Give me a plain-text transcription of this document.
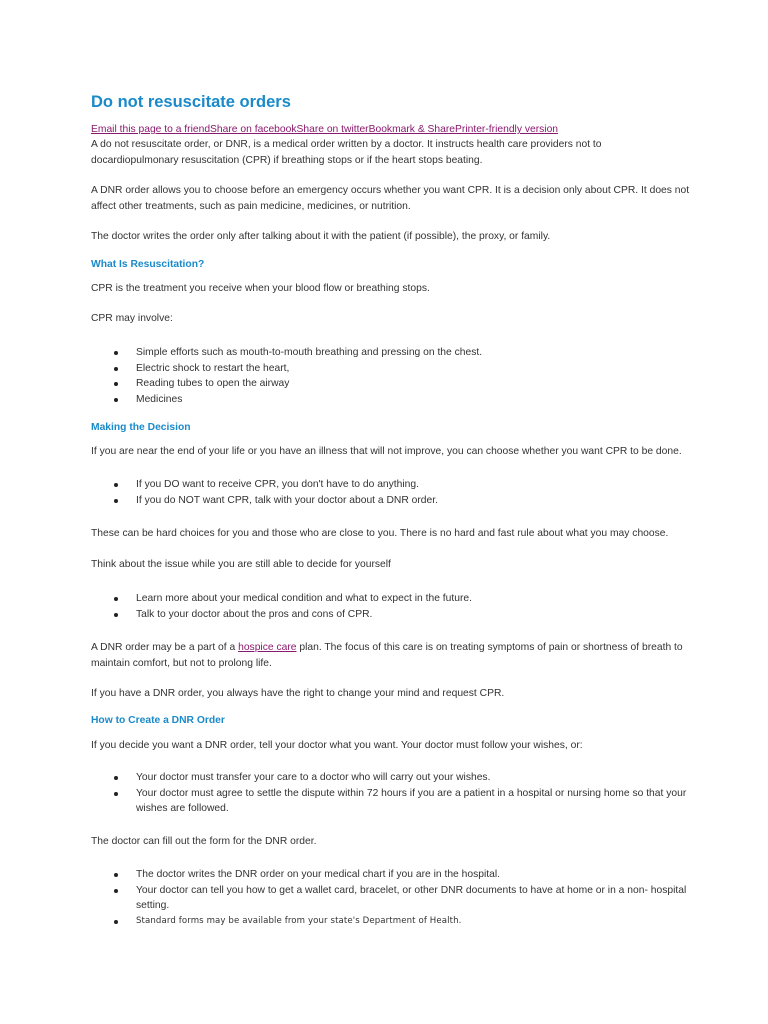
Do not resuscitate orders
Email this page to a friendShare on facebookShare on twitterBookmark & SharePrinter-friendly version

A do not resuscitate order, or DNR, is a medical order written by a doctor. It instructs health care providers not to docardiopulmonary resuscitation (CPR) if breathing stops or if the heart stops beating.

A DNR order allows you to choose before an emergency occurs whether you want CPR. It is a decision only about CPR. It does not affect other treatments, such as pain medicine, medicines, or nutrition.

The doctor writes the order only after talking about it with the patient (if possible), the proxy, or family.

What Is Resuscitation?

CPR is the treatment you receive when your blood flow or breathing stops.

CPR may involve:

Simple efforts such as mouth-to-mouth breathing and pressing on the chest.
Electric shock to restart the heart,
Reading tubes to open the airway
Medicines
Making the Decision

If you are near the end of your life or you have an illness that will not improve, you can choose whether you want CPR to be done.

If you DO want to receive CPR, you don't have to do anything.
If you do NOT want CPR, talk with your doctor about a DNR order.

These can be hard choices for you and those who are close to you. There is no hard and fast rule about what you may choose.

Think about the issue while you are still able to decide for yourself

Learn more about your medical condition and what to expect in the future.
Talk to your doctor about the pros and cons of CPR.

A DNR order may be a part of a hospice care plan. The focus of this care is on treating symptoms of pain or shortness of breath to maintain comfort, but not to prolong life.

If you have a DNR order, you always have the right to change your mind and request CPR.

How to Create a DNR Order

If you decide you want a DNR order, tell your doctor what you want. Your doctor must follow your wishes, or:

Your doctor must transfer your care to a doctor who will carry out your wishes.
Your doctor must agree to settle the dispute within 72 hours if you are a patient in a hospital or nursing home so that your wishes are followed.

The doctor can fill out the form for the DNR order.

The doctor writes the DNR order on your medical chart if you are in the hospital.
Your doctor can tell you how to get a wallet card, bracelet, or other DNR documents to have at home or in a non- hospital setting.
Standard forms may be available from your state's Department of Health.
